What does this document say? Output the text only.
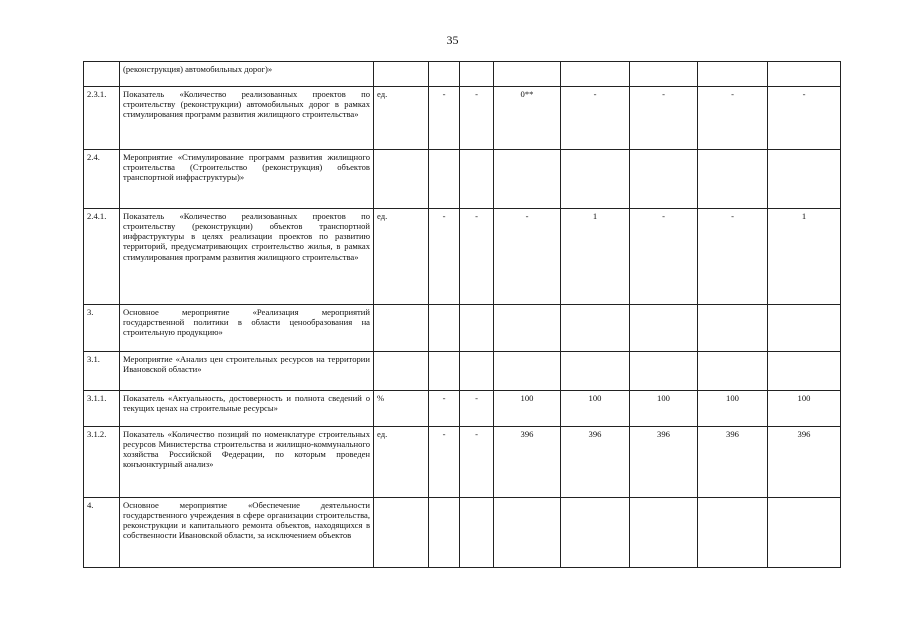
35
	(реконструкция) автомобильных дорог)»								
2.3.1.	Показатель «Количество реализованных проектов по строительству (реконструкции) автомобильных дорог в рамках стимулирования программ развития жилищного строительства»	ед.	-	-	0**	-	-	-	-
2.4.	Мероприятие «Стимулирование программ развития жилищного строительства (Строительство (реконструкция) объектов транспортной инфраструктуры)»								
2.4.1.	Показатель «Количество реализованных проектов по строительству (реконструкции) объектов транспортной инфраструктуры в целях реализации проектов по развитию территорий, предусматривающих строительство жилья, в рамках стимулирования программ развития жилищного строительства»	ед.	-	-	-	1	-	-	1
3.	Основное мероприятие «Реализация мероприятий государственной политики в области ценообразования на строительную продукцию»								
3.1.	Мероприятие «Анализ цен строительных ресурсов на территории Ивановской области»								
3.1.1.	Показатель «Актуальность, достоверность и полнота сведений о текущих ценах на строительные ресурсы»	%	-	-	100	100	100	100	100
3.1.2.	Показатель «Количество позиций по номенклатуре строительных ресурсов Министерства строительства и жилищно-коммунального хозяйства Российской Федерации, по которым проведен конъюнктурный анализ»	ед.	-	-	396	396	396	396	396
4.	Основное мероприятие «Обеспечение деятельности государственного учреждения в сфере организации строительства, реконструкции и капитального ремонта объектов, находящихся в собственности Ивановской области, за исключением объектов								
